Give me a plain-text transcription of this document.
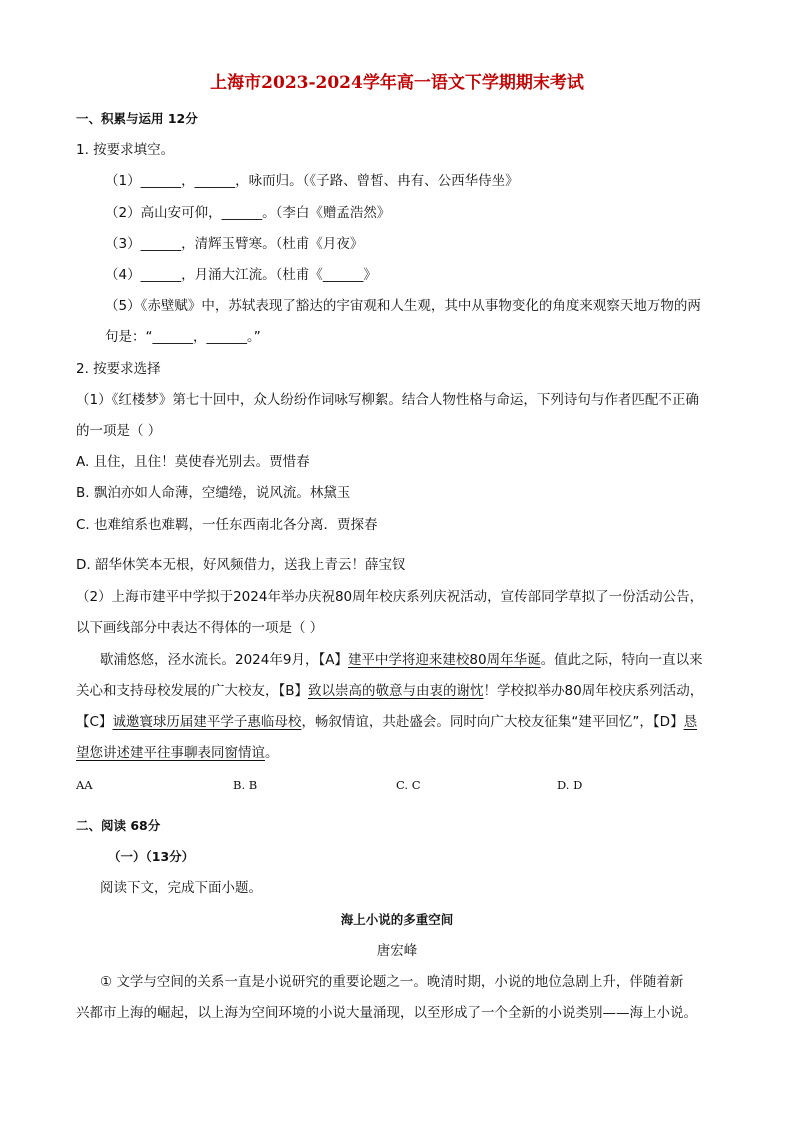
上海市2023-2024学年高一语文下学期期末考试
一、积累与运用 12分
1. 按要求填空。
（1）______，______，咏而归。（《子路、曾皙、冉有、公西华侍坐》
（2）高山安可仰，______。（李白《赠孟浩然》
（3）______，清辉玉臂寒。（杜甫《月夜》
（4）______，月涌大江流。（杜甫《______》
（5）《赤壁赋》中，苏轼表现了豁达的宇宙观和人生观，其中从事物变化的角度来观察天地万物的两
句是：“______，______。”
2. 按要求选择
（1）《红楼梦》第七十回中，众人纷纷作词咏写柳絮。结合人物性格与命运，下列诗句与作者匹配不正确
的一项是（ ）
A. 且住，且住！莫使春光别去。贾惜春
B. 飘泊亦如人命薄，空缱绻，说风流。林黛玉
C. 也难绾系也难羁，一任东西南北各分离．贾探春
D. 韶华休笑本无根，好风频借力，送我上青云！薛宝钗
（2）上海市建平中学拟于2024年举办庆祝80周年校庆系列庆祝活动，宣传部同学草拟了一份活动公告，
以下画线部分中表达不得体的一项是（ ）
歇浦悠悠，泾水流长。2024年9月，【A】建平中学将迎来建校80周年华诞。值此之际，特向一直以来
关心和支持母校发展的广大校友，【B】致以崇高的敬意与由衷的谢忱！学校拟举办80周年校庆系列活动，
【C】诚邀寰球历届建平学子惠临母校，畅叙情谊，共赴盛会。同时向广大校友征集“建平回忆”，【D】恳
望您讲述建平往事聊表同窗情谊。
AA	B. B	C. C	D. D
二、阅读 68分
（一）（13分）
阅读下文，完成下面小题。
海上小说的多重空间
唐宏峰
① 文学与空间的关系一直是小说研究的重要论题之一。晚清时期，小说的地位急剧上升，伴随着新
兴都市上海的崛起，以上海为空间环境的小说大量涌现，以至形成了一个全新的小说类别——海上小说。
